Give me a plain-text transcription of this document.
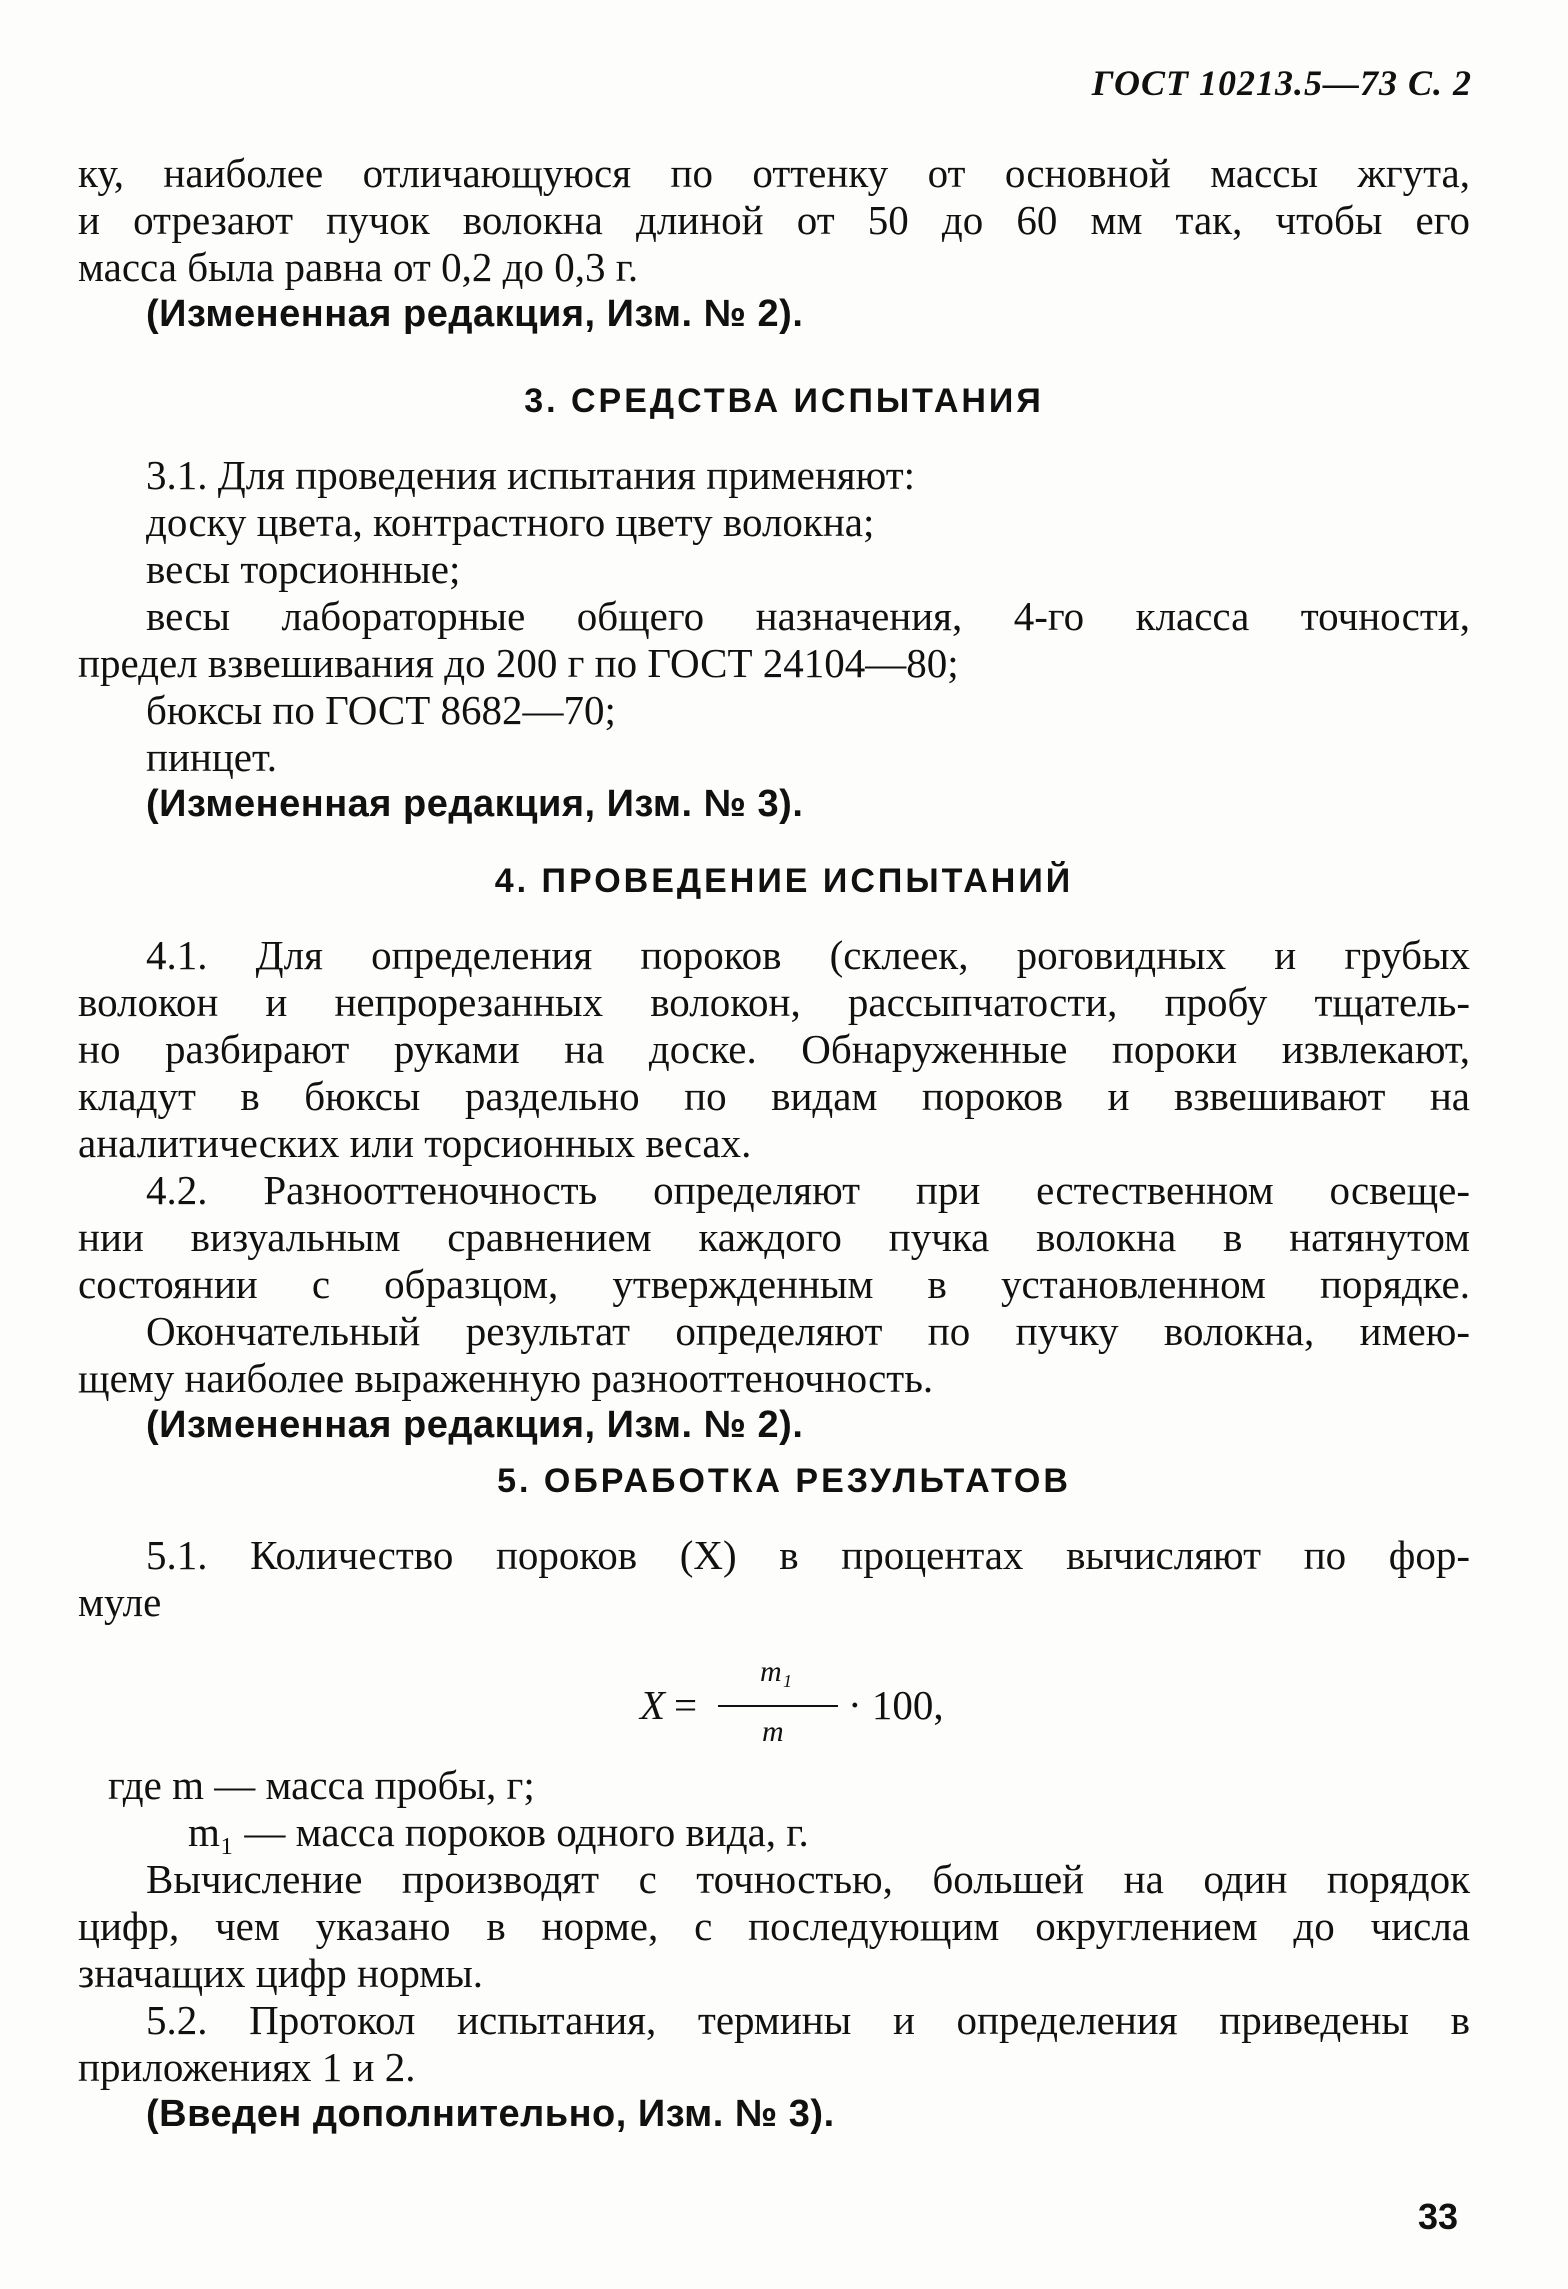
ГОСТ 10213.5—73 С. 2
ку, наиболее отличающуюся по оттенку от основной массы жгута,
и отрезают пучок волокна длиной от 50 до 60 мм так, чтобы его
масса была равна от 0,2 до 0,3 г.
(Измененная редакция, Изм. № 2).
3. СРЕДСТВА ИСПЫТАНИЯ
3.1. Для проведения испытания применяют:
доску цвета, контрастного цвету волокна;
весы торсионные;
весы лабораторные общего назначения, 4-го класса точности,
предел взвешивания до 200 г по ГОСТ 24104—80;
бюксы по ГОСТ 8682—70;
пинцет.
(Измененная редакция, Изм. № 3).
4. ПРОВЕДЕНИЕ ИСПЫТАНИЙ
4.1. Для определения пороков (склеек, роговидных и грубых
волокон и непрорезанных волокон, рассыпчатости, пробу тщатель-
но разбирают руками на доске. Обнаруженные пороки извлекают,
кладут в бюксы раздельно по видам пороков и взвешивают на
аналитических или торсионных весах.
4.2. Разнооттеночность определяют при естественном освеще-
нии визуальным сравнением каждого пучка волокна в натянутом
состоянии с образцом, утвержденным в установленном порядке.
Окончательный результат определяют по пучку волокна, имею-
щему наиболее выраженную разнооттеночность.
(Измененная редакция, Изм. № 2).
5. ОБРАБОТКА РЕЗУЛЬТАТОВ
5.1. Количество пороков (X) в процентах вычисляют по фор-
муле
X =
m₁
m
· 100,
где m — масса пробы, г;
m₁ — масса пороков одного вида, г.
Вычисление производят с точностью, большей на один порядок
цифр, чем указано в норме, с последующим округлением до числа
значащих цифр нормы.
5.2. Протокол испытания, термины и определения приведены в
приложениях 1 и 2.
(Введен дополнительно, Изм. № 3).
33
